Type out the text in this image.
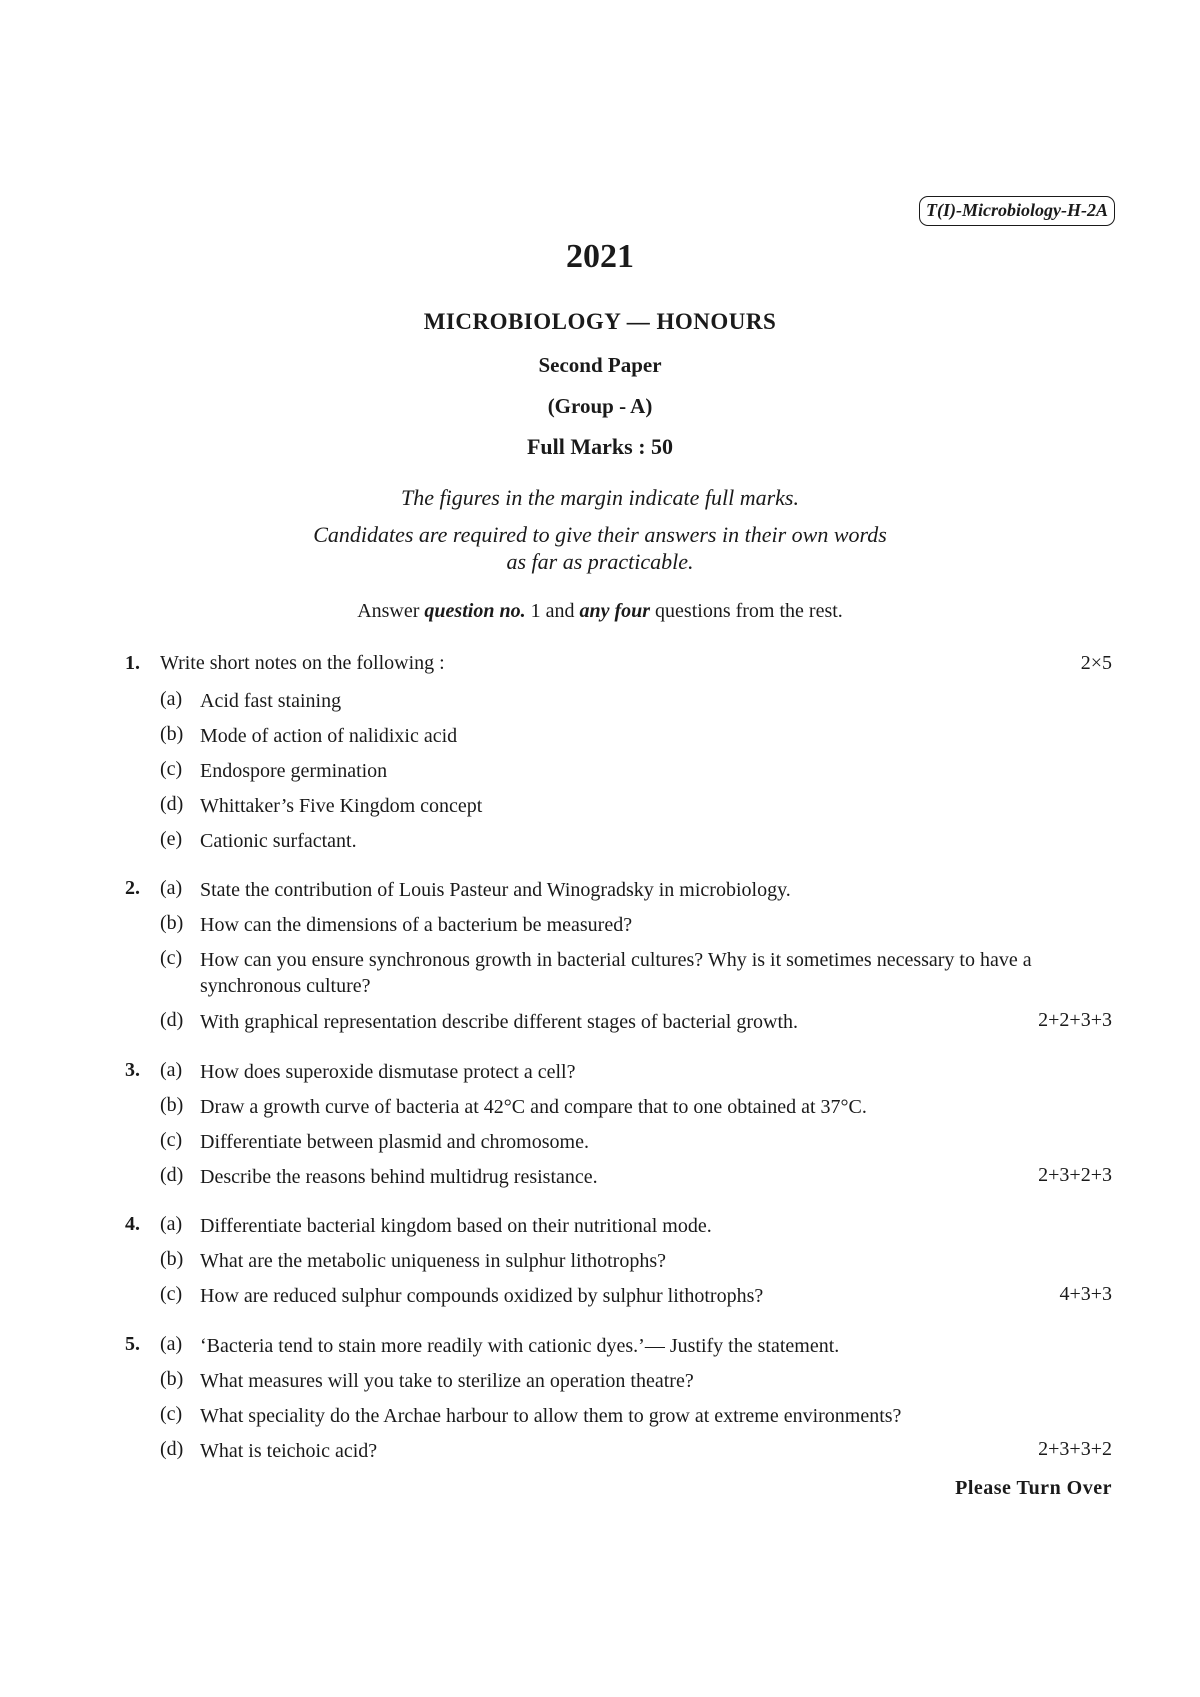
T(I)-Microbiology-H-2A
2021
MICROBIOLOGY — HONOURS
Second Paper
(Group - A)
Full Marks : 50
The figures in the margin indicate full marks.
Candidates are required to give their answers in their own words
as far as practicable.
Answer question no. 1 and any four questions from the rest.
1. Write short notes on the following :	2×5
(a) Acid fast staining
(b) Mode of action of nalidixic acid
(c) Endospore germination
(d) Whittaker’s Five Kingdom concept
(e) Cationic surfactant.
2. (a) State the contribution of Louis Pasteur and Winogradsky in microbiology.
(b) How can the dimensions of a bacterium be measured?
(c) How can you ensure synchronous growth in bacterial cultures? Why is it sometimes necessary to have a synchronous culture?
(d) With graphical representation describe different stages of bacterial growth.	2+2+3+3
3. (a) How does superoxide dismutase protect a cell?
(b) Draw a growth curve of bacteria at 42°C and compare that to one obtained at 37°C.
(c) Differentiate between plasmid and chromosome.
(d) Describe the reasons behind multidrug resistance.	2+3+2+3
4. (a) Differentiate bacterial kingdom based on their nutritional mode.
(b) What are the metabolic uniqueness in sulphur lithotrophs?
(c) How are reduced sulphur compounds oxidized by sulphur lithotrophs?	4+3+3
5. (a) ‘Bacteria tend to stain more readily with cationic dyes.’— Justify the statement.
(b) What measures will you take to sterilize an operation theatre?
(c) What speciality do the Archae harbour to allow them to grow at extreme environments?
(d) What is teichoic acid?	2+3+3+2
Please Turn Over
